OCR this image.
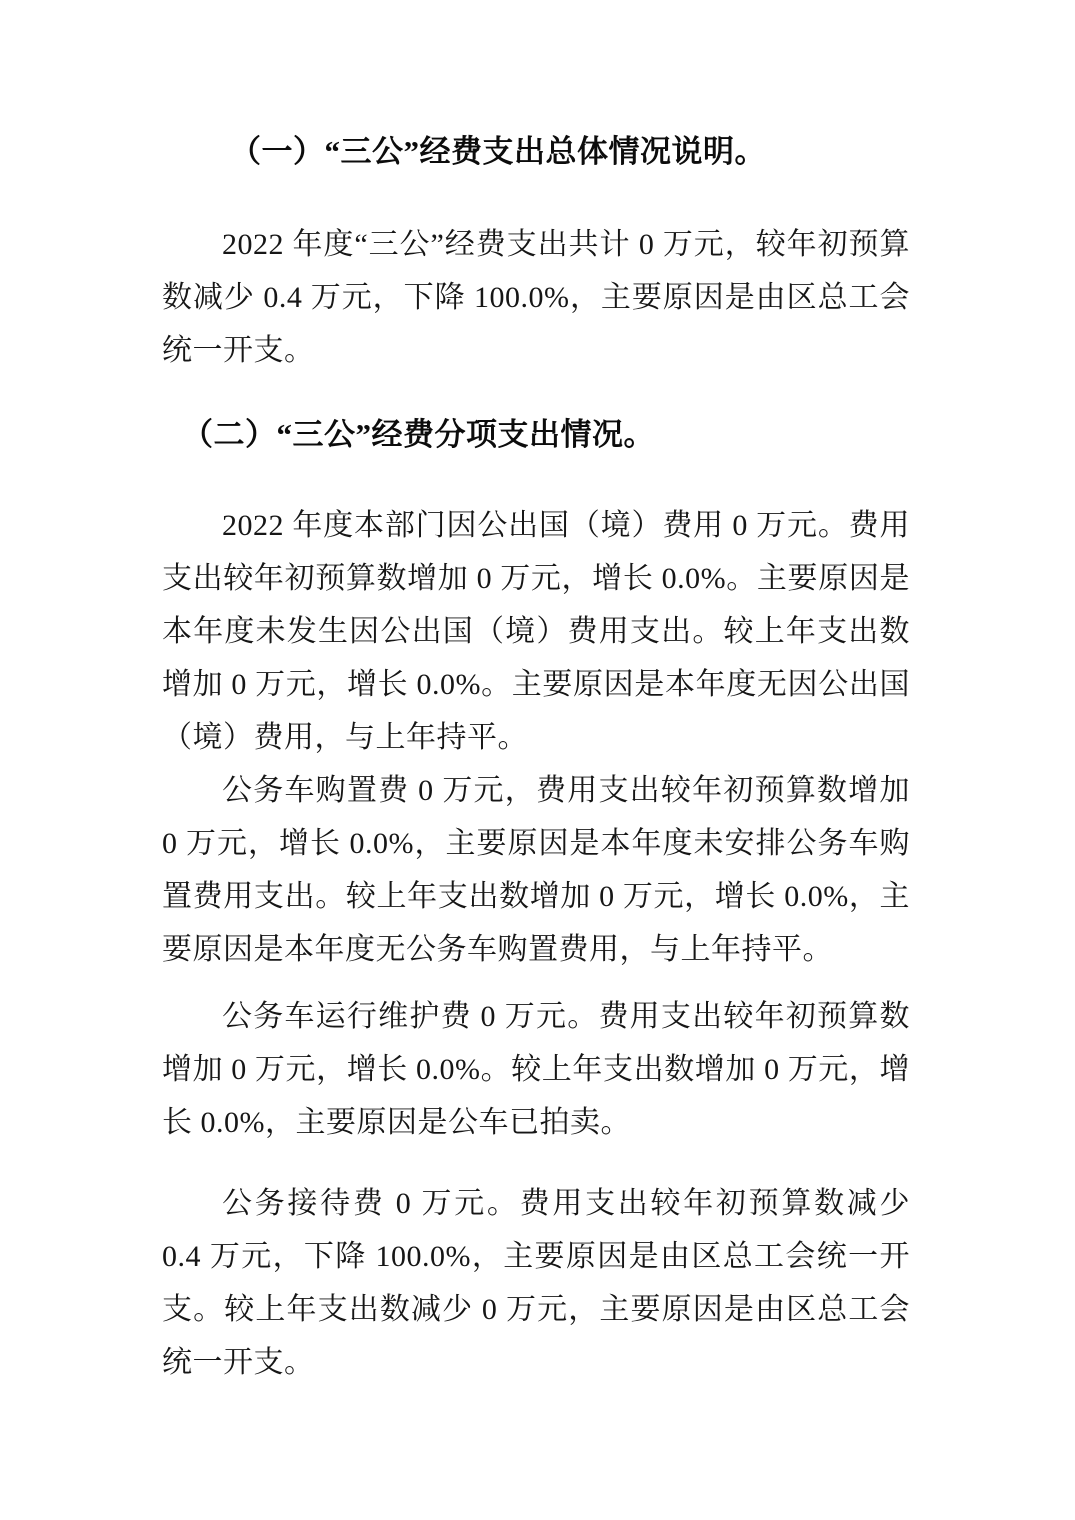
（一）“三公”经费支出总体情况说明。

2022 年度“三公”经费支出共计 0 万元，较年初预算数减少 0.4 万元，下降 100.0%，主要原因是由区总工会统一开支。

（二）“三公”经费分项支出情况。

2022 年度本部门因公出国（境）费用 0 万元。费用支出较年初预算数增加 0 万元，增长 0.0%。主要原因是本年度未发生因公出国（境）费用支出。较上年支出数增加 0 万元，增长 0.0%。主要原因是本年度无因公出国（境）费用，与上年持平。

公务车购置费 0 万元，费用支出较年初预算数增加 0 万元，增长 0.0%，主要原因是本年度未安排公务车购置费用支出。较上年支出数增加 0 万元，增长 0.0%，主要原因是本年度无公务车购置费用，与上年持平。

公务车运行维护费 0 万元。费用支出较年初预算数增加 0 万元，增长 0.0%。较上年支出数增加 0 万元，增长 0.0%，主要原因是公车已拍卖。

公务接待费 0 万元。费用支出较年初预算数减少 0.4 万元，下降 100.0%，主要原因是由区总工会统一开支。较上年支出数减少 0 万元，主要原因是由区总工会统一开支。
